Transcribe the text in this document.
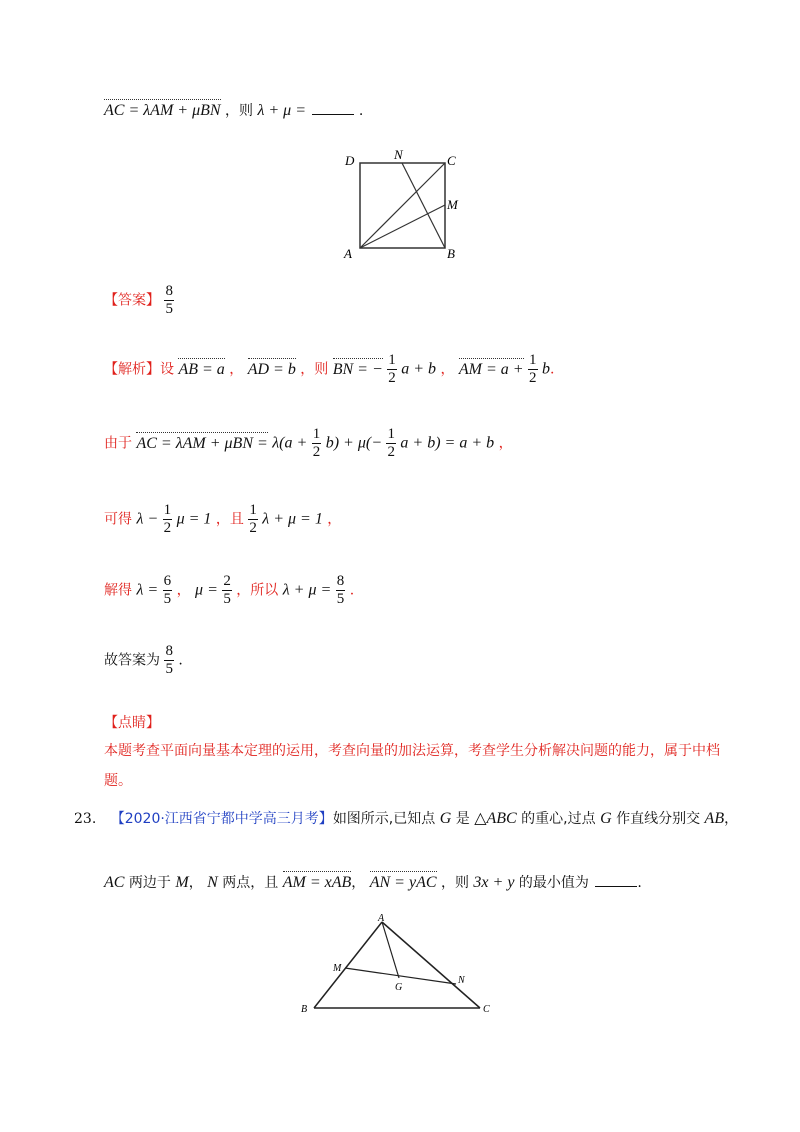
AC = λAM + μBN ，则 λ + μ =	.
D	N	C
M
A	B
【答案】 $\frac{8}{5}$
【解析】设 AB = a ， AD = b ，则 BN = − $\frac{1}{2}$ a + b ， AM = $a + \frac{1}{2} b$.
由于 AC = $\lambda AM + \mu BN = \lambda(a + \frac{1}{2} b) + \mu(- \frac{1}{2}$ a + b) = a + b ，
可得 $\lambda - \frac{1}{2}$ μ = 1 ，且 $\frac{1}{2}$ λ + μ = 1 ，
解得 $\lambda = \frac{6}{5}$ ， $\mu = \frac{2}{5}$ ，所以 $\lambda + \mu = \frac{8}{5}$ .
故答案为 $\frac{8}{5}$ .
【点睛】
本题考查平面向量基本定理的运用，考查向量的加法运算，考查学生分析解决问题的能力，属于中档
题。
23. 【2020·江西省宁都中学高三月考】如图所示,已知点 G 是 △ABC 的重心,过点 G 作直线分别交 AB，
AC 两边于 M， N 两点，且 AM = xAB， AN = yAC ，则 3x + y 的最小值为	.
A
M
N
G
B	C
